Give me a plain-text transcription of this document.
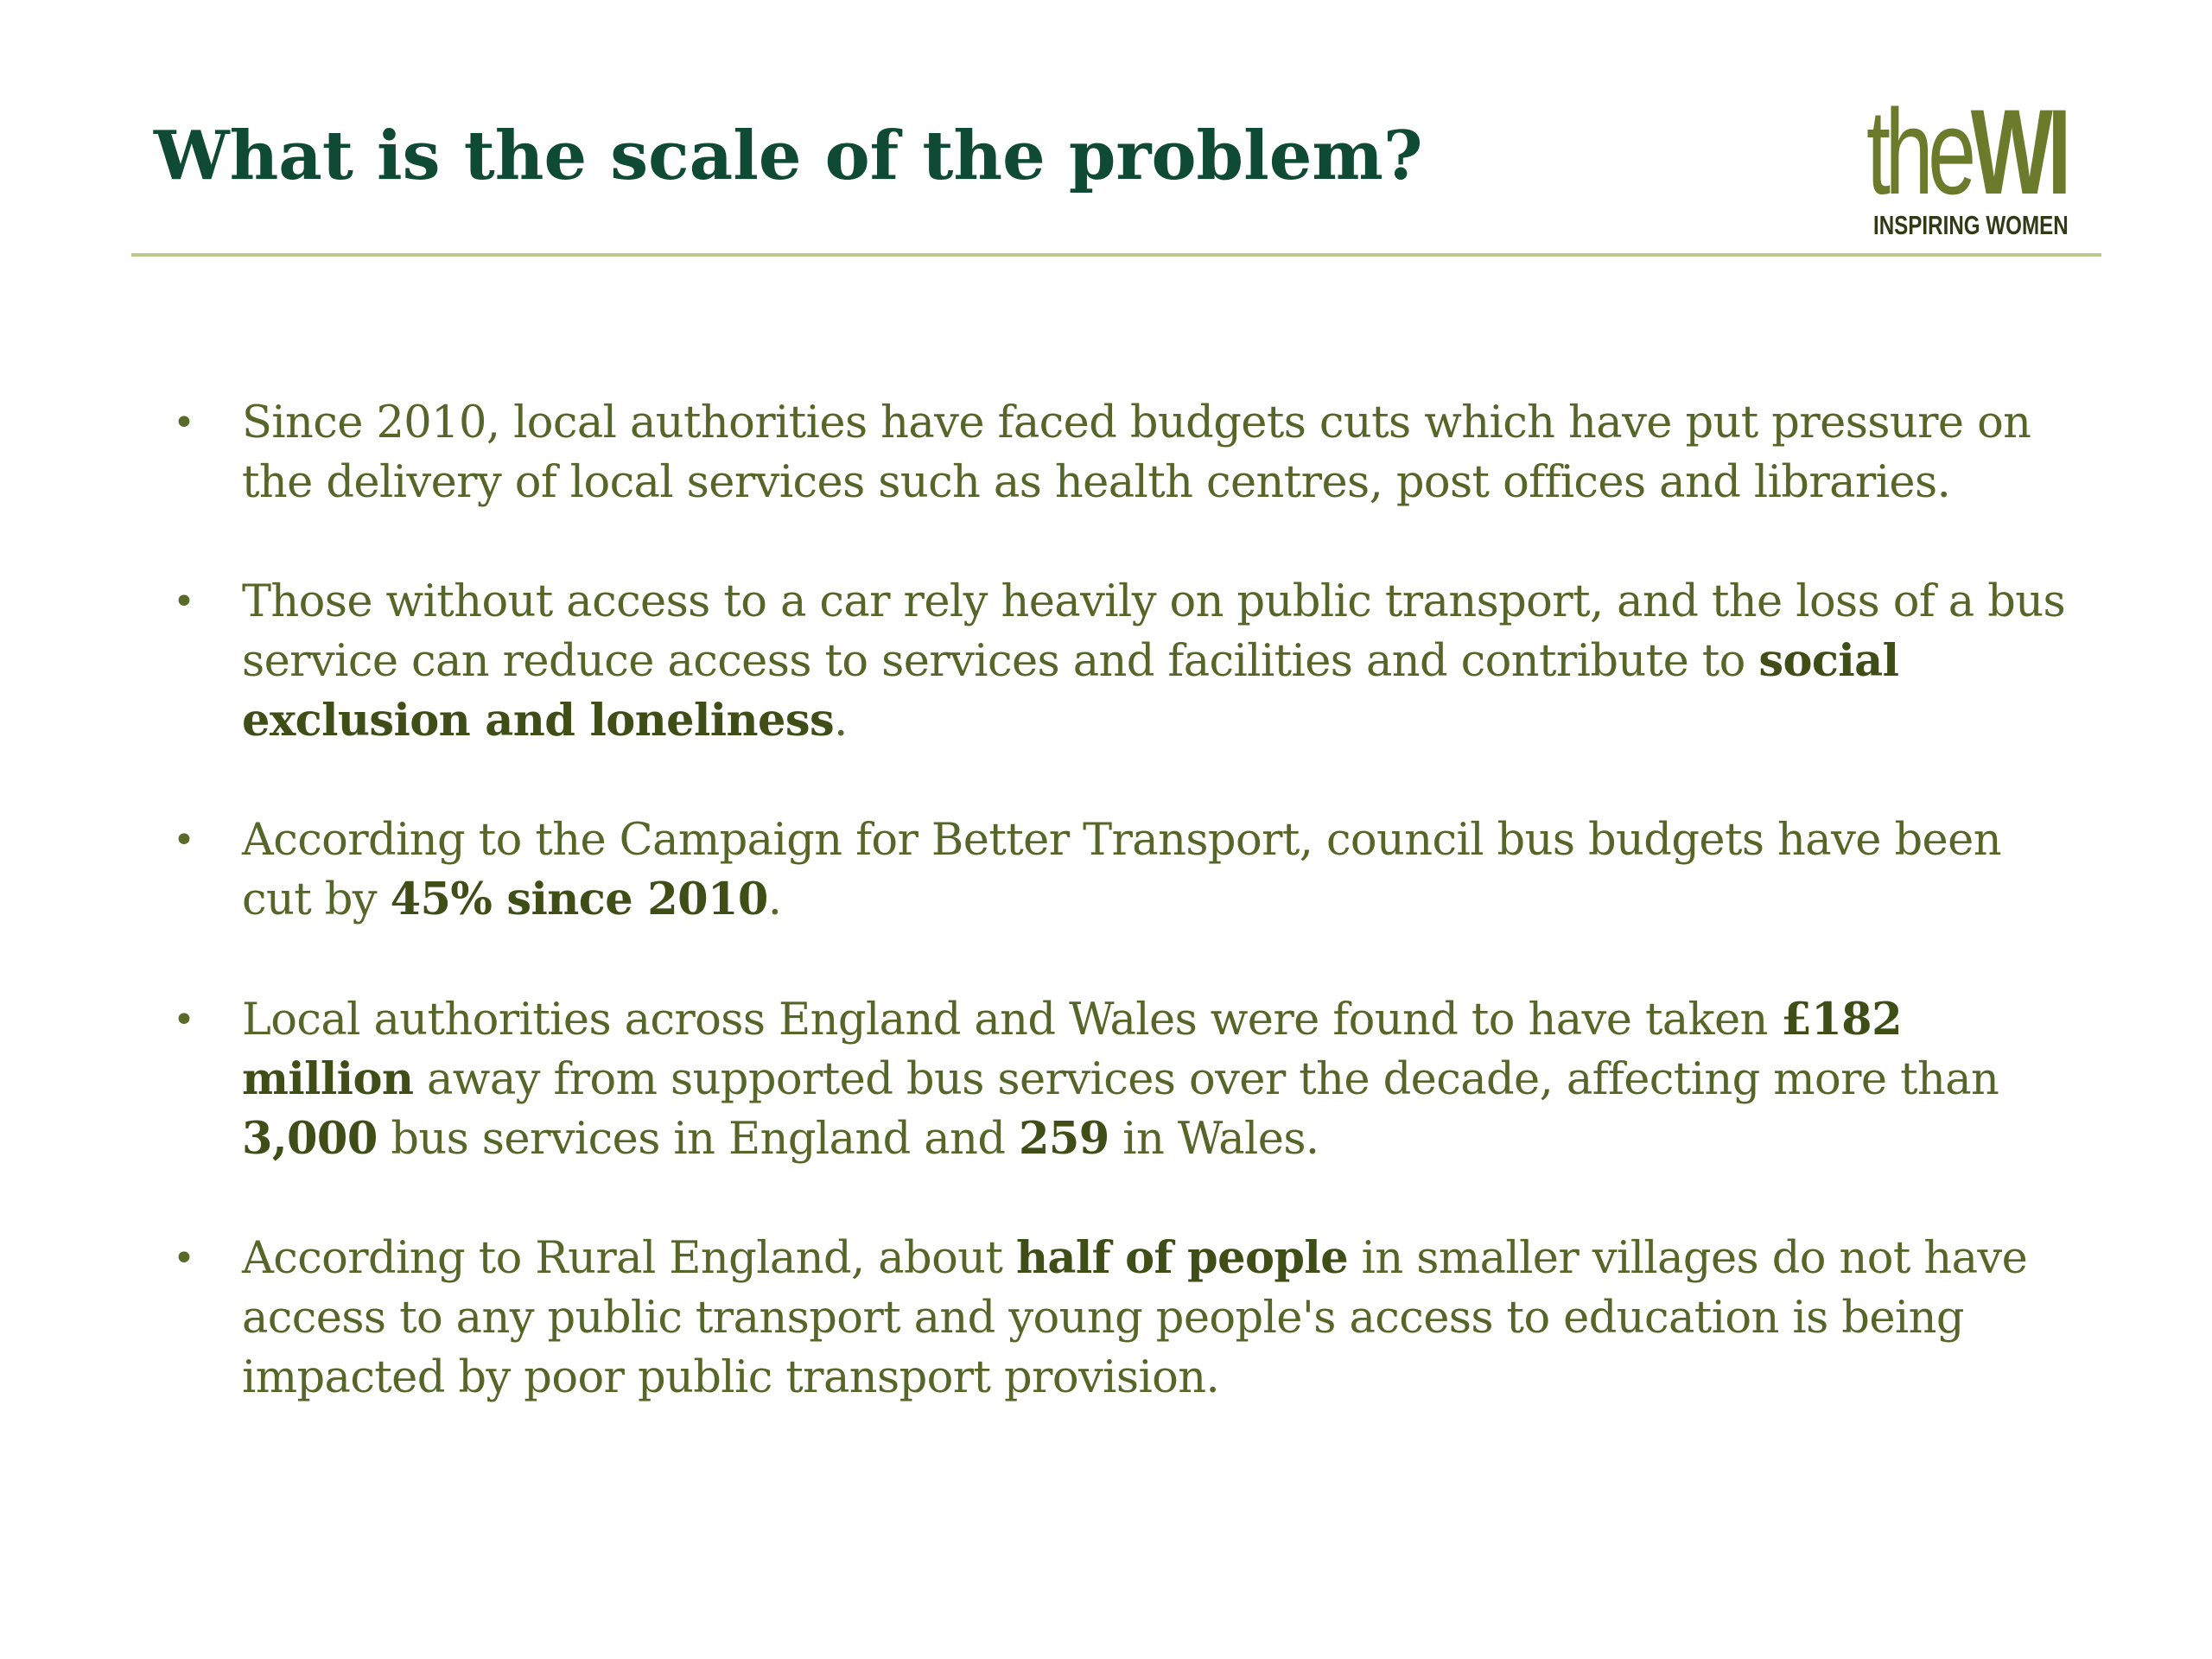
What is the scale of the problem?	theWI
INSPIRING WOMEN
• Since 2010, local authorities have faced budgets cuts which have put pressure on
the delivery of local services such as health centres, post offices and libraries.
• Those without access to a car rely heavily on public transport, and the loss of a bus
service can reduce access to services and facilities and contribute to social
exclusion and loneliness.
• According to the Campaign for Better Transport, council bus budgets have been
cut by 45% since 2010.
• Local authorities across England and Wales were found to have taken £182
million away from supported bus services over the decade, affecting more than
3,000 bus services in England and 259 in Wales.
• According to Rural England, about half of people in smaller villages do not have
access to any public transport and young people's access to education is being
impacted by poor public transport provision.
